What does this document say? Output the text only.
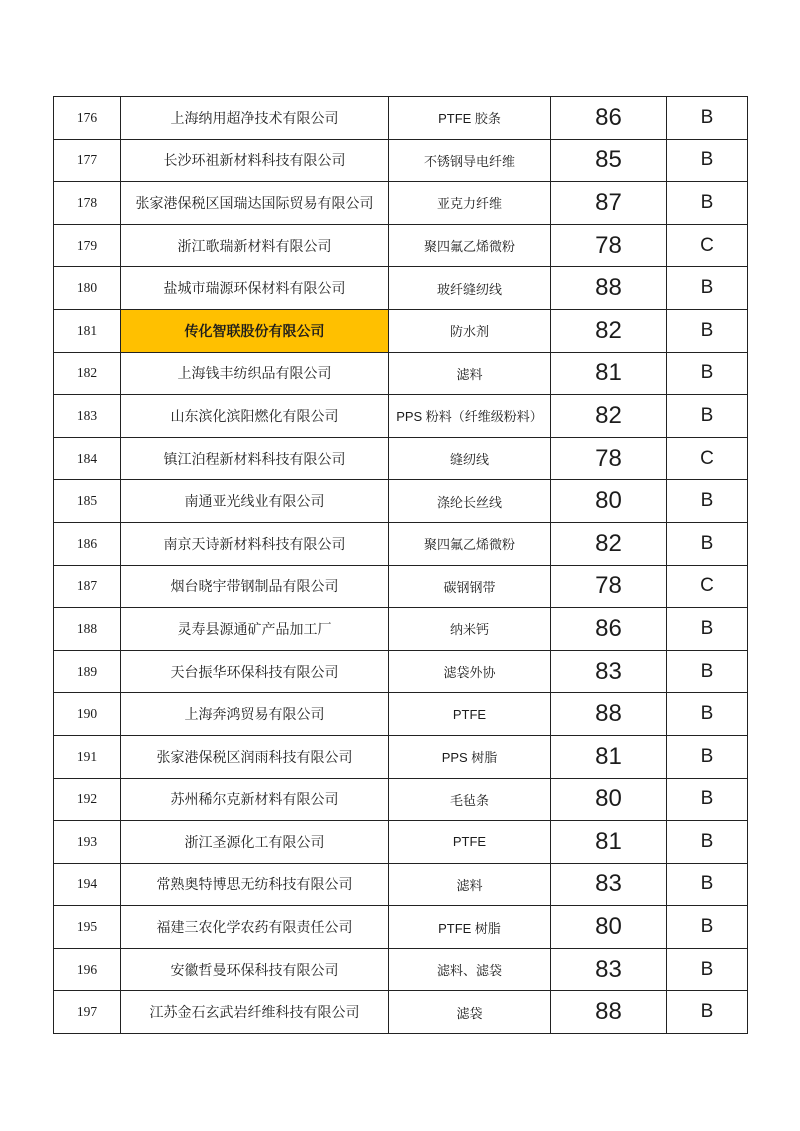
176	上海纳用超净技术有限公司	PTFE 胶条	86	B
177	长沙环祖新材料科技有限公司	不锈钢导电纤维	85	B
178	张家港保税区国瑞达国际贸易有限公司	亚克力纤维	87	B
179	浙江歌瑞新材料有限公司	聚四氟乙烯微粉	78	C
180	盐城市瑞源环保材料有限公司	玻纤缝纫线	88	B
181	传化智联股份有限公司	防水剂	82	B
182	上海钱丰纺织品有限公司	滤料	81	B
183	山东滨化滨阳燃化有限公司	PPS 粉料（纤维级粉料）	82	B
184	镇江泊程新材料科技有限公司	缝纫线	78	C
185	南通亚光线业有限公司	涤纶长丝线	80	B
186	南京天诗新材料科技有限公司	聚四氟乙烯微粉	82	B
187	烟台晓宇带钢制品有限公司	碳钢钢带	78	C
188	灵寿县源通矿产品加工厂	纳米钙	86	B
189	天台振华环保科技有限公司	滤袋外协	83	B
190	上海奔鸿贸易有限公司	PTFE	88	B
191	张家港保税区润雨科技有限公司	PPS 树脂	81	B
192	苏州稀尔克新材料有限公司	毛毡条	80	B
193	浙江圣源化工有限公司	PTFE	81	B
194	常熟奥特博思无纺科技有限公司	滤料	83	B
195	福建三农化学农药有限责任公司	PTFE 树脂	80	B
196	安徽哲曼环保科技有限公司	滤料、滤袋	83	B
197	江苏金石玄武岩纤维科技有限公司	滤袋	88	B
